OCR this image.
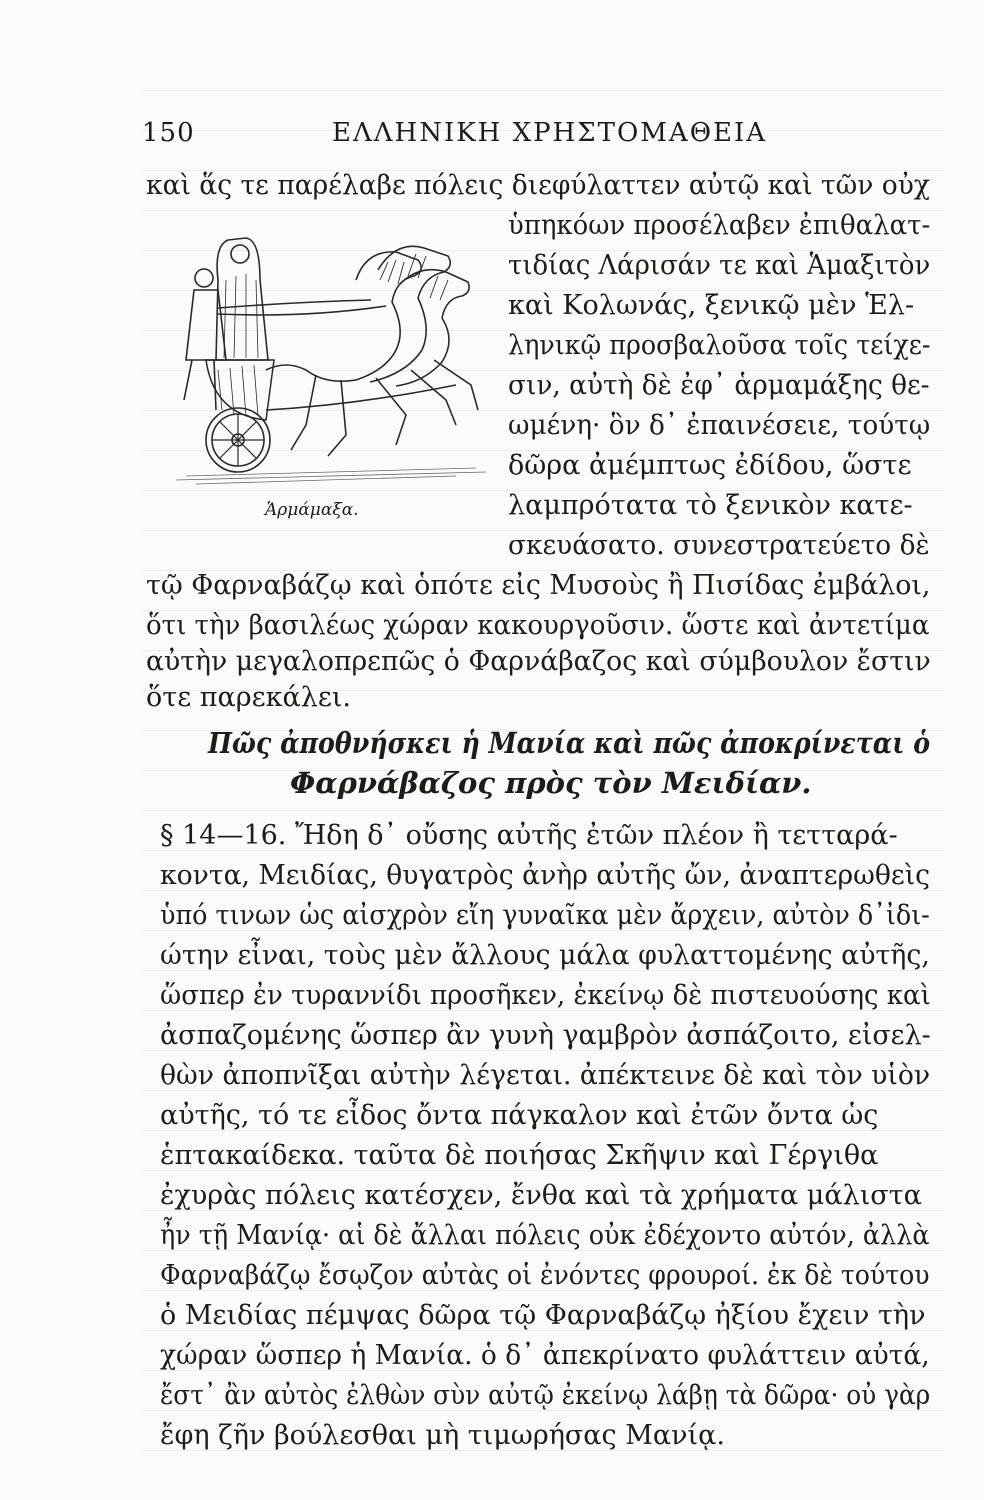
150	ΕΛΛΗΝΙΚΗ ΧΡΗΣΤΟΜΑΘΕΙΑ
Ἁρμάμαξα.
καὶ ἅς τε παρέλαβε πόλεις διεφύλαττεν αὐτῷ καὶ τῶν οὐχ
ὑπηκόων προσέλαβεν ἐπιθαλατ-
τιδίας Λάρισάν τε καὶ Ἁμαξιτὸν
καὶ Κολωνάς, ξενικῷ μὲν Ἑλ-
ληνικῷ προσβαλοῦσα τοῖς τείχε-
σιν, αὐτὴ δὲ ἐφ᾽ ἁρμαμάξης θε-
ωμένη· ὃν δ᾽ ἐπαινέσειε, τούτῳ
δῶρα ἀμέμπτως ἐδίδου, ὥστε
λαμπρότατα τὸ ξενικὸν κατε-
σκευάσατο. συνεστρατεύετο δὲ
τῷ Φαρναβάζῳ καὶ ὁπότε εἰς Μυσοὺς ἢ Πισίδας ἐμβάλοι,
ὅτι τὴν βασιλέως χώραν κακουργοῦσιν. ὥστε καὶ ἀντετίμα
αὐτὴν μεγαλοπρεπῶς ὁ Φαρνάβαζος καὶ σύμβουλον ἔστιν
ὅτε παρεκάλει.
Πῶς ἀποθνήσκει ἡ Μανία καὶ πῶς ἀποκρίνεται ὁ
Φαρνάβαζος πρὸς τὸν Μειδίαν.
§ 14—16. Ἤδη δ᾽ οὔσης αὐτῆς ἐτῶν πλέον ἢ τετταρά-
κοντα, Μειδίας, θυγατρὸς ἀνὴρ αὐτῆς ὤν, ἀναπτερωθεὶς
ὑπό τινων ὡς αἰσχρὸν εἴη γυναῖκα μὲν ἄρχειν, αὐτὸν δ᾽ἰδι-
ώτην εἶναι, τοὺς μὲν ἄλλους μάλα φυλαττομένης αὐτῆς,
ὥσπερ ἐν τυραννίδι προσῆκεν, ἐκείνῳ δὲ πιστευούσης καὶ
ἀσπαζομένης ὥσπερ ἂν γυνὴ γαμβρὸν ἀσπάζοιτο, εἰσελ-
θὼν ἀποπνῖξαι αὐτὴν λέγεται. ἀπέκτεινε δὲ καὶ τὸν υἱὸν
αὐτῆς, τό τε εἶδος ὄντα πάγκαλον καὶ ἐτῶν ὄντα ὡς
ἑπτακαίδεκα. ταῦτα δὲ ποιήσας Σκῆψιν καὶ Γέργιθα
ἐχυρὰς πόλεις κατέσχεν, ἔνθα καὶ τὰ χρήματα μάλιστα
ἦν τῇ Μανίᾳ· αἱ δὲ ἄλλαι πόλεις οὐκ ἐδέχοντο αὐτόν, ἀλλὰ
Φαρναβάζῳ ἔσῳζον αὐτὰς οἱ ἐνόντες φρουροί. ἐκ δὲ τούτου
ὁ Μειδίας πέμψας δῶρα τῷ Φαρναβάζῳ ἠξίου ἔχειν τὴν
χώραν ὥσπερ ἡ Μανία. ὁ δ᾽ ἀπεκρίνατο φυλάττειν αὐτά,
ἔστ᾽ ἂν αὐτὸς ἐλθὼν σὺν αὐτῷ ἐκείνῳ λάβῃ τὰ δῶρα· οὐ γὰρ
ἔφη ζῆν βούλεσθαι μὴ τιμωρήσας Μανίᾳ.
